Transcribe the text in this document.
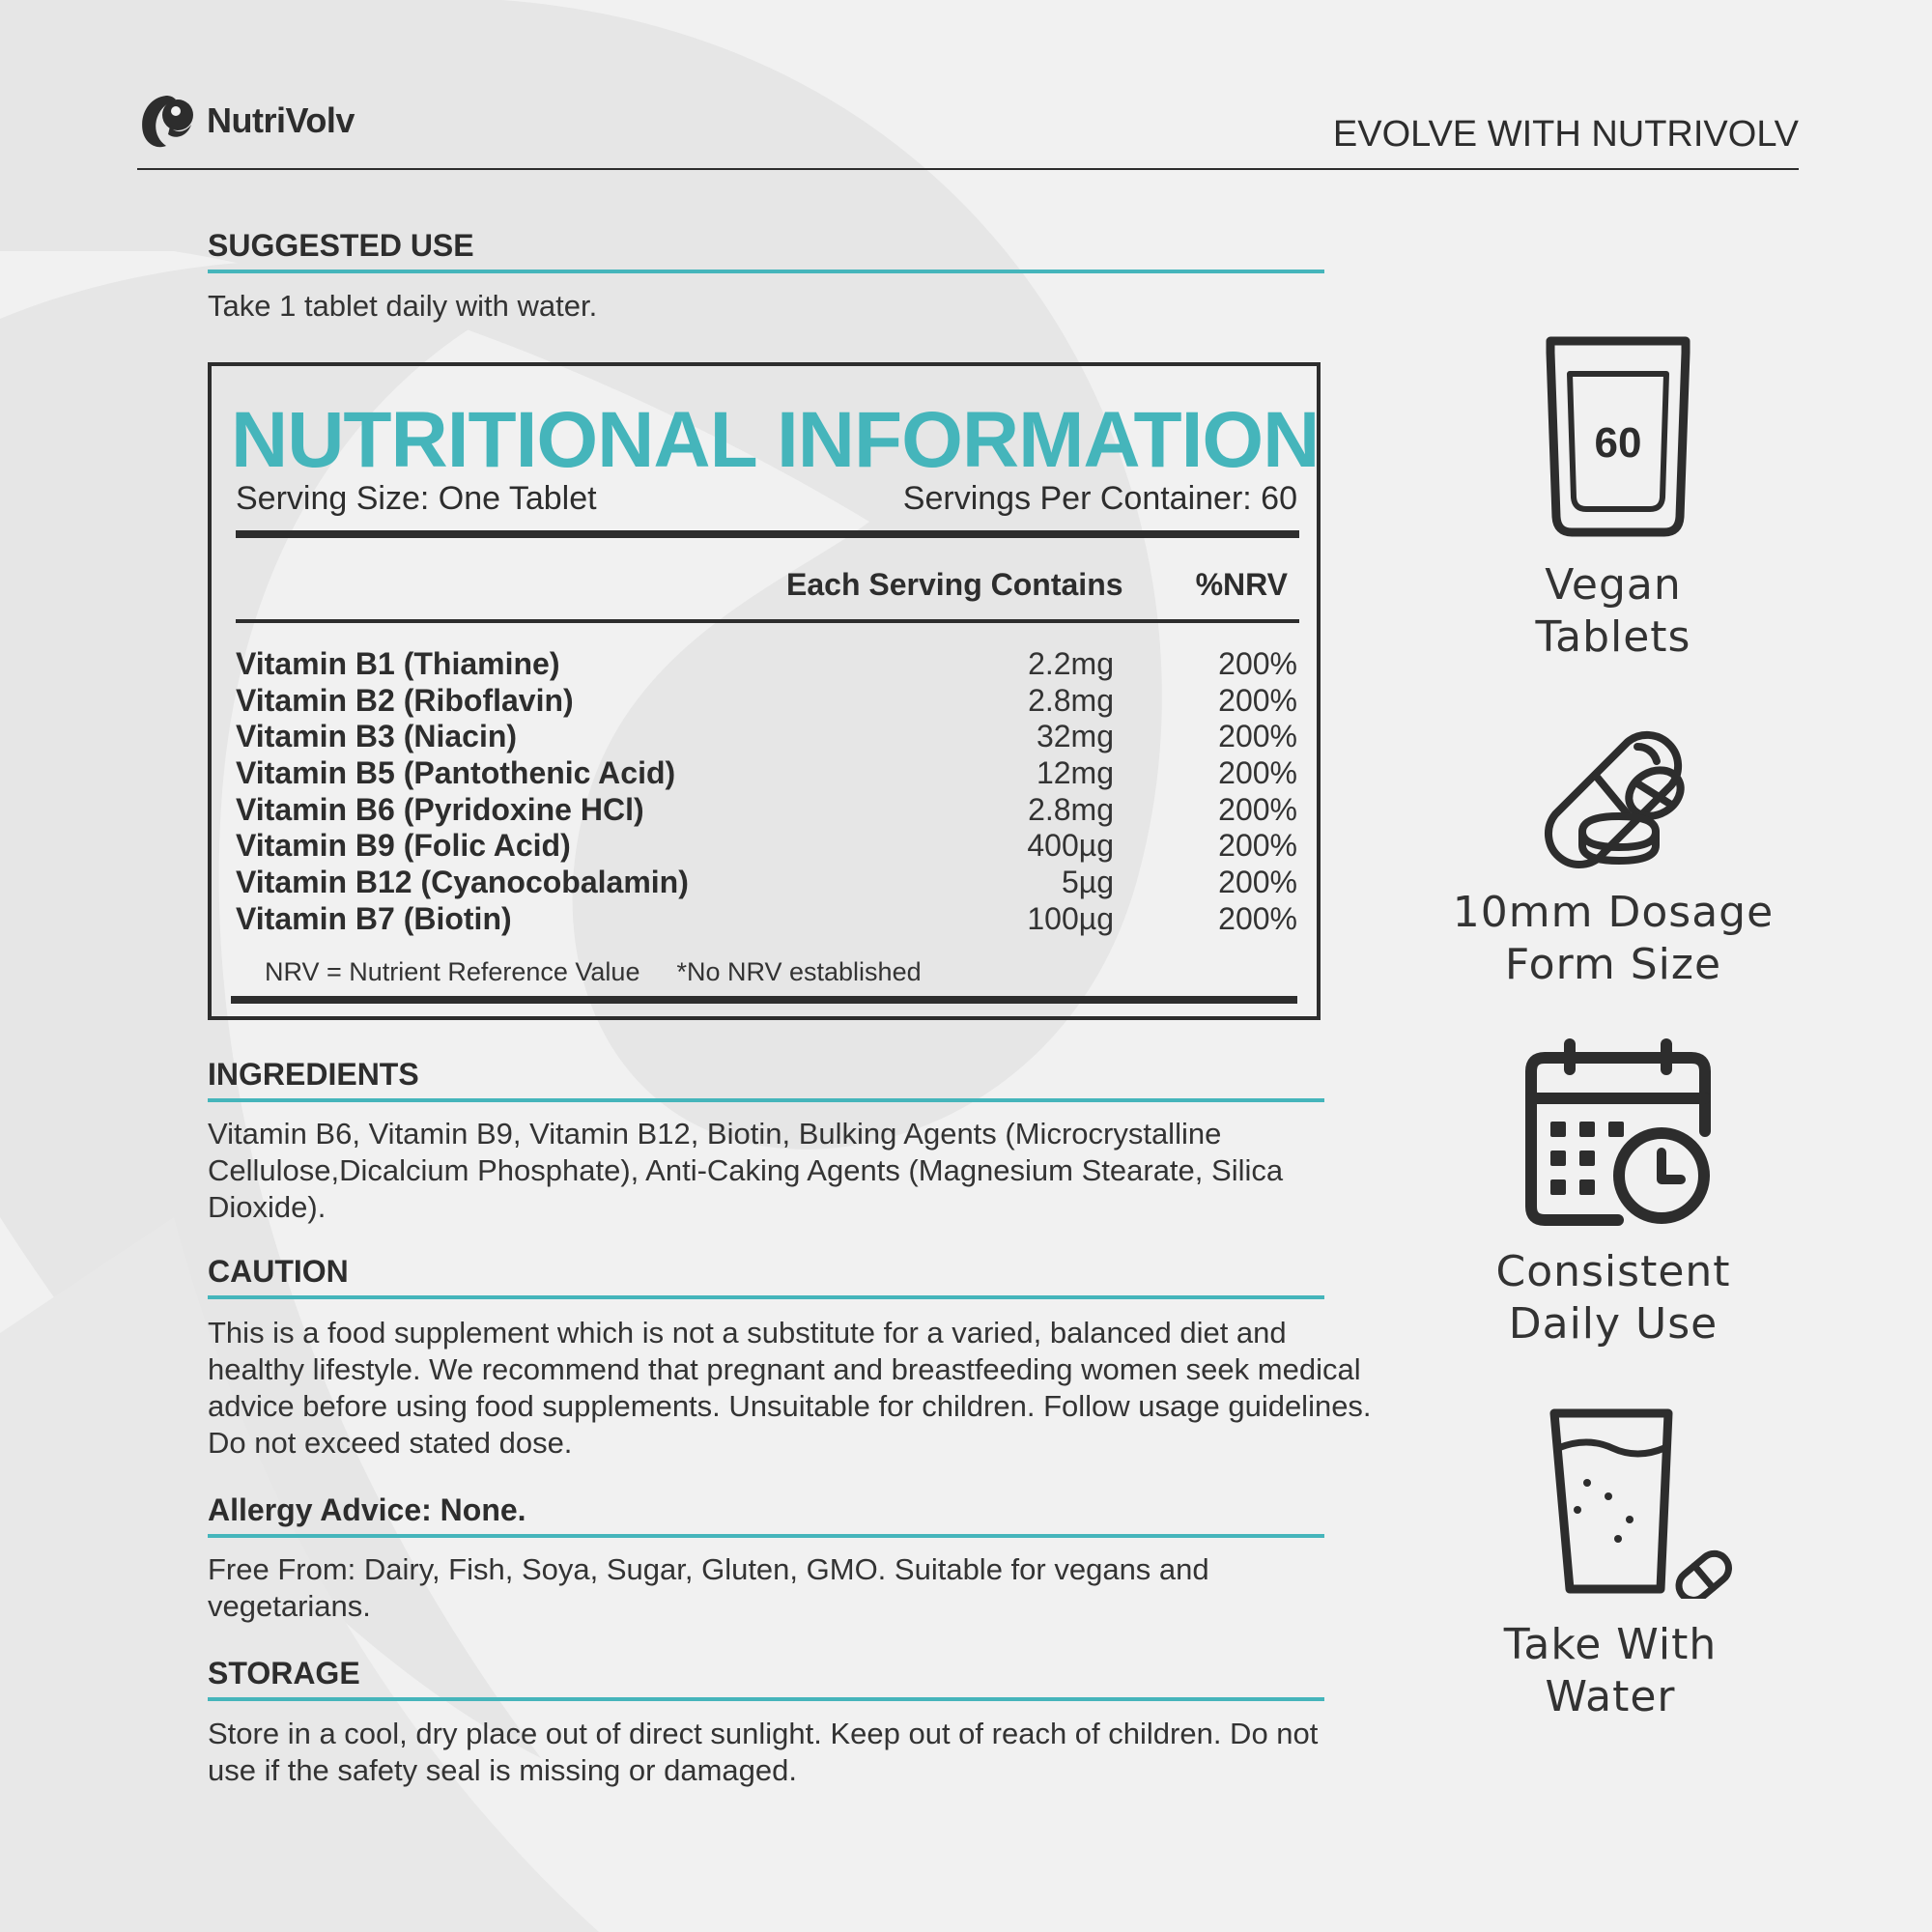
NutriVolv	EVOLVE WITH NUTRIVOLV
SUGGESTED USE
Take 1 tablet daily with water.
NUTRITIONAL INFORMATION
Serving Size: One Tablet	Servings Per Container: 60
Each Serving Contains %NRV
Vitamin B1 (Thiamine)	2.2mg	200%
Vitamin B2 (Riboflavin)	2.8mg	200%
Vitamin B3 (Niacin)	32mg	200%
Vitamin B5 (Pantothenic Acid)	12mg	200%
Vitamin B6 (Pyridoxine HCl)	2.8mg	200%
Vitamin B9 (Folic Acid)	400µg	200%
Vitamin B12 (Cyanocobalamin)	5µg	200%
Vitamin B7 (Biotin)	100µg	200%
NRV = Nutrient Reference Value *No NRV established
INGREDIENTS
Vitamin B6, Vitamin B9, Vitamin B12, Biotin, Bulking Agents (Microcrystalline Cellulose,Dicalcium Phosphate), Anti-Caking Agents (Magnesium Stearate, Silica Dioxide).
CAUTION
This is a food supplement which is not a substitute for a varied, balanced diet and healthy lifestyle. We recommend that pregnant and breastfeeding women seek medical advice before using food supplements. Unsuitable for children. Follow usage guidelines. Do not exceed stated dose.
Allergy Advice: None.
Free From: Dairy, Fish, Soya, Sugar, Gluten, GMO. Suitable for vegans and vegetarians.
STORAGE
Store in a cool, dry place out of direct sunlight. Keep out of reach of children. Do not use if the safety seal is missing or damaged.
60
Vegan
Tablets
10mm Dosage
Form Size
Consistent
Daily Use
Take With
Water
